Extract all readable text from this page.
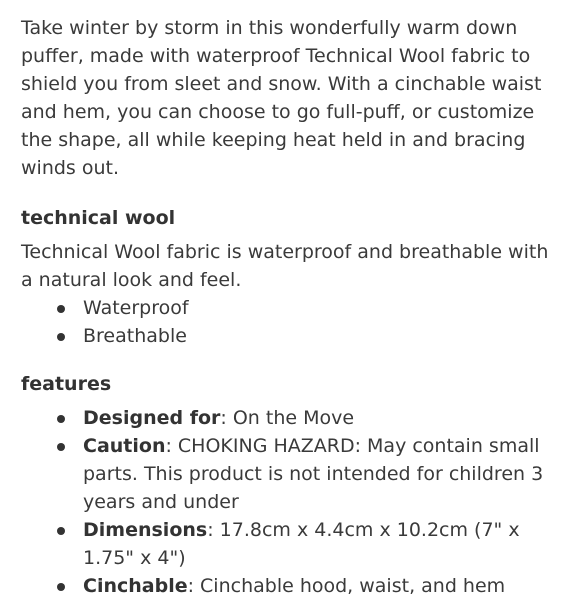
Take winter by storm in this wonderfully warm down puffer, made with waterproof Technical Wool fabric to shield you from sleet and snow. With a cinchable waist and hem, you can choose to go full-puff, or customize the shape, all while keeping heat held in and bracing winds out.

technical wool

Technical Wool fabric is waterproof and breathable with a natural look and feel.

Waterproof
Breathable

features

Designed for: On the Move
Caution: CHOKING HAZARD: May contain small parts. This product is not intended for children 3 years and under
Dimensions: 17.8cm x 4.4cm x 10.2cm (7" x 1.75" x 4")
Cinchable: Cinchable hood, waist, and hem
